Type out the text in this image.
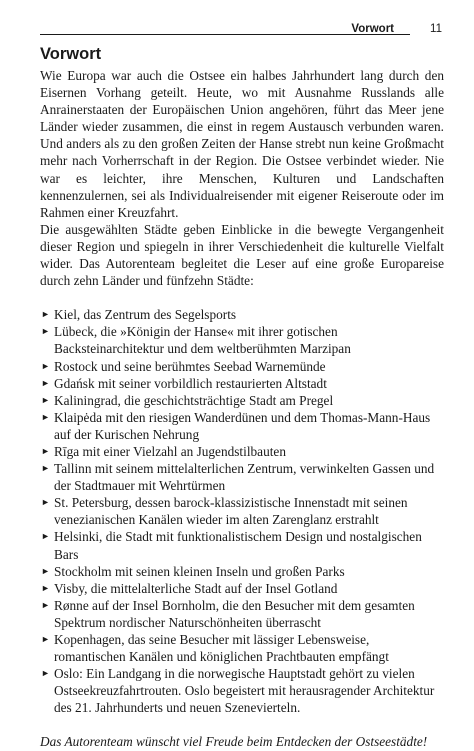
Vorwort	11
Vorwort

Wie Europa war auch die Ostsee ein halbes Jahrhundert lang durch den Eisernen Vorhang geteilt. Heute, wo mit Ausnahme Russlands alle Anrainerstaaten der Europäischen Union angehören, führt das Meer jene Länder wieder zusammen, die einst in regem Austausch verbunden waren. Und anders als zu den großen Zeiten der Hanse strebt nun keine Großmacht mehr nach Vorherrschaft in der Region. Die Ostsee verbindet wieder. Nie war es leichter, ihre Menschen, Kulturen und Landschaften kennenzulernen, sei als Individualreisender mit eigener Reiseroute oder im Rahmen einer Kreuzfahrt.

Die ausgewählten Städte geben Einblicke in die bewegte Vergangenheit dieser Region und spiegeln in ihrer Verschiedenheit die kulturelle Vielfalt wider. Das Autorenteam begleitet die Leser auf eine große Europareise durch zehn Länder und fünfzehn Städte:

► Kiel, das Zentrum des Segelsports
► Lübeck, die »Königin der Hanse« mit ihrer gotischen Backsteinarchitektur und dem weltberühmten Marzipan
► Rostock und seine berühmtes Seebad Warnemünde
► Gdańsk mit seiner vorbildlich restaurierten Altstadt
► Kaliningrad, die geschichtsträchtige Stadt am Pregel
► Klaipėda mit den riesigen Wanderdünen und dem Thomas-Mann-Haus auf der Kurischen Nehrung
► Rīga mit einer Vielzahl an Jugendstilbauten
► Tallinn mit seinem mittelalterlichen Zentrum, verwinkelten Gassen und der Stadtmauer mit Wehrtürmen
► St. Petersburg, dessen barock-klassizistische Innenstadt mit seinen venezianischen Kanälen wieder im alten Zarenglanz erstrahlt
► Helsinki, die Stadt mit funktionalistischem Design und nostalgischen Bars
► Stockholm mit seinen kleinen Inseln und großen Parks
► Visby, die mittelalterliche Stadt auf der Insel Gotland
► Rønne auf der Insel Bornholm, die den Besucher mit dem gesamten Spektrum nordischer Naturschönheiten überrascht
► Kopenhagen, das seine Besucher mit lässiger Lebensweise, romantischen Kanälen und königlichen Prachtbauten empfängt
► Oslo: Ein Landgang in die norwegische Hauptstadt gehört zu vielen Ostseekreuzfahrtrouten. Oslo begeistert mit herausragender Architektur des 21. Jahrhunderts und neuen Szenevierteln.

Das Autorenteam wünscht viel Freude beim Entdecken der Ostseestädte!
